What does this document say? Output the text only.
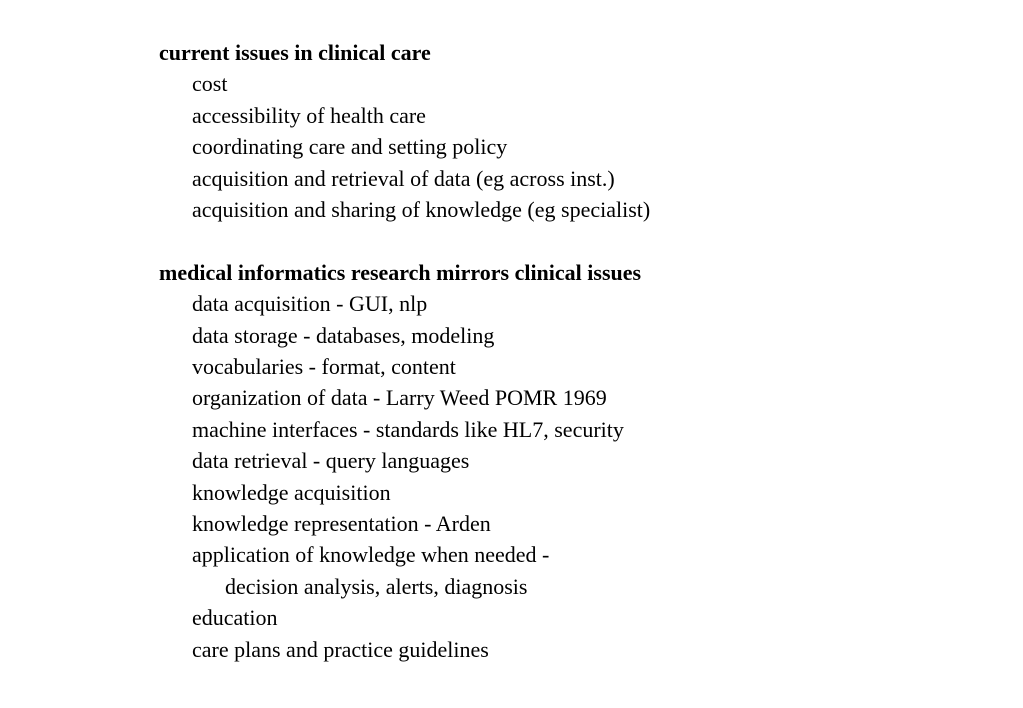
current issues in clinical care
cost
accessibility of health care
coordinating care and setting policy
acquisition and retrieval of data (eg across inst.)
acquisition and sharing of knowledge (eg specialist)
medical informatics research mirrors clinical issues
data acquisition - GUI, nlp
data storage - databases, modeling
vocabularies - format, content
organization of data - Larry Weed POMR 1969
machine interfaces - standards like HL7, security
data retrieval - query languages
knowledge acquisition
knowledge representation - Arden
application of knowledge when needed -
decision analysis, alerts, diagnosis
education
care plans and practice guidelines
